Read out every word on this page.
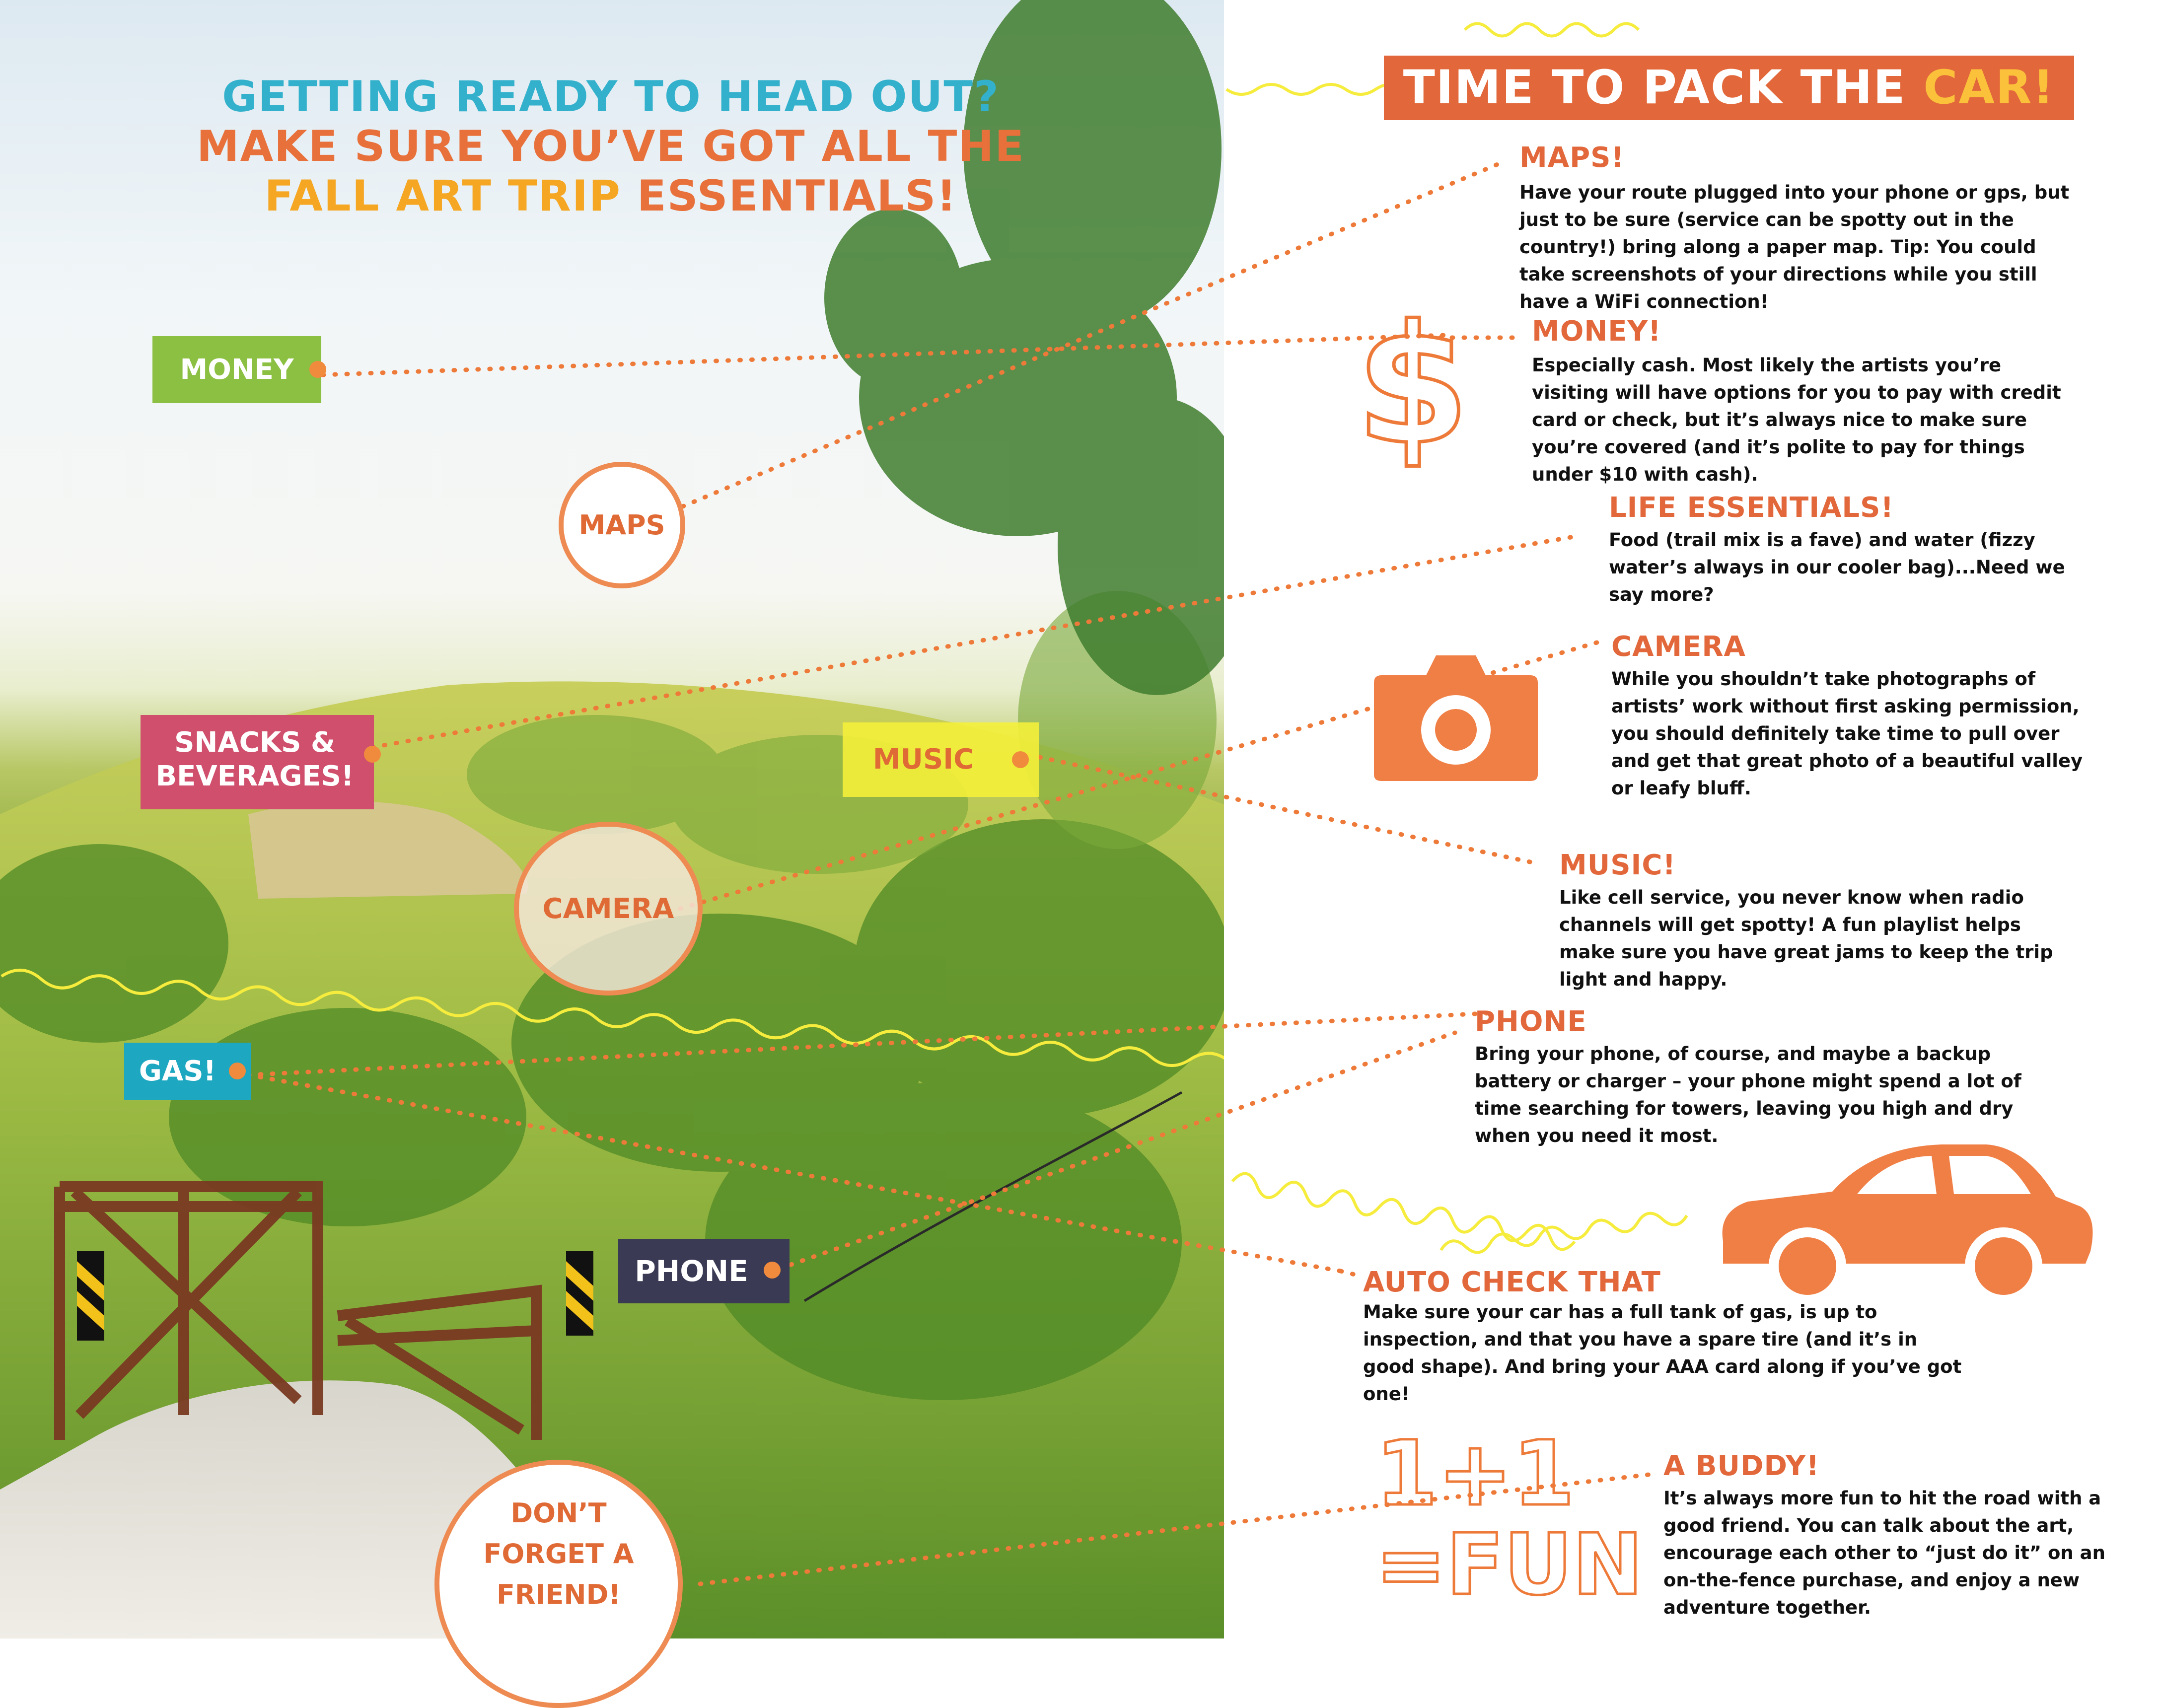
GETTING READY TO HEAD OUT?
MAKE SURE YOU’VE GOT ALL THE
FALL ART TRIP ESSENTIALS!
MONEY
MAPS
SNACKS & BEVERAGES!
MUSIC
CAMERA
GAS!
PHONE
DON’T FORGET A FRIEND!
TIME TO PACK THE CAR!
$
1+1
=FUN
MAPS!
Have your route plugged into your phone or gps, but just to be sure (service can be spotty out in the country!) bring along a paper map. Tip: You could take screenshots of your directions while you still have a WiFi connection!
MONEY!
Especially cash. Most likely the artists you’re visiting will have options for you to pay with credit card or check, but it’s always nice to make sure you’re covered (and it’s polite to pay for things under $10 with cash).
LIFE ESSENTIALS!
Food (trail mix is a fave) and water (fizzy water’s always in our cooler bag)...Need we say more?
CAMERA
While you shouldn’t take photographs of artists’ work without first asking permission, you should definitely take time to pull over and get that great photo of a beautiful valley or leafy bluff.
MUSIC!
Like cell service, you never know when radio channels will get spotty! A fun playlist helps make sure you have great jams to keep the trip light and happy.
PHONE
Bring your phone, of course, and maybe a backup battery or charger – your phone might spend a lot of time searching for towers, leaving you high and dry when you need it most.
AUTO CHECK THAT
Make sure your car has a full tank of gas, is up to inspection, and that you have a spare tire (and it’s in good shape). And bring your AAA card along if you’ve got one!
A BUDDY!
It’s always more fun to hit the road with a good friend. You can talk about the art, encourage each other to “just do it” on an on-the-fence purchase, and enjoy a new adventure together.
